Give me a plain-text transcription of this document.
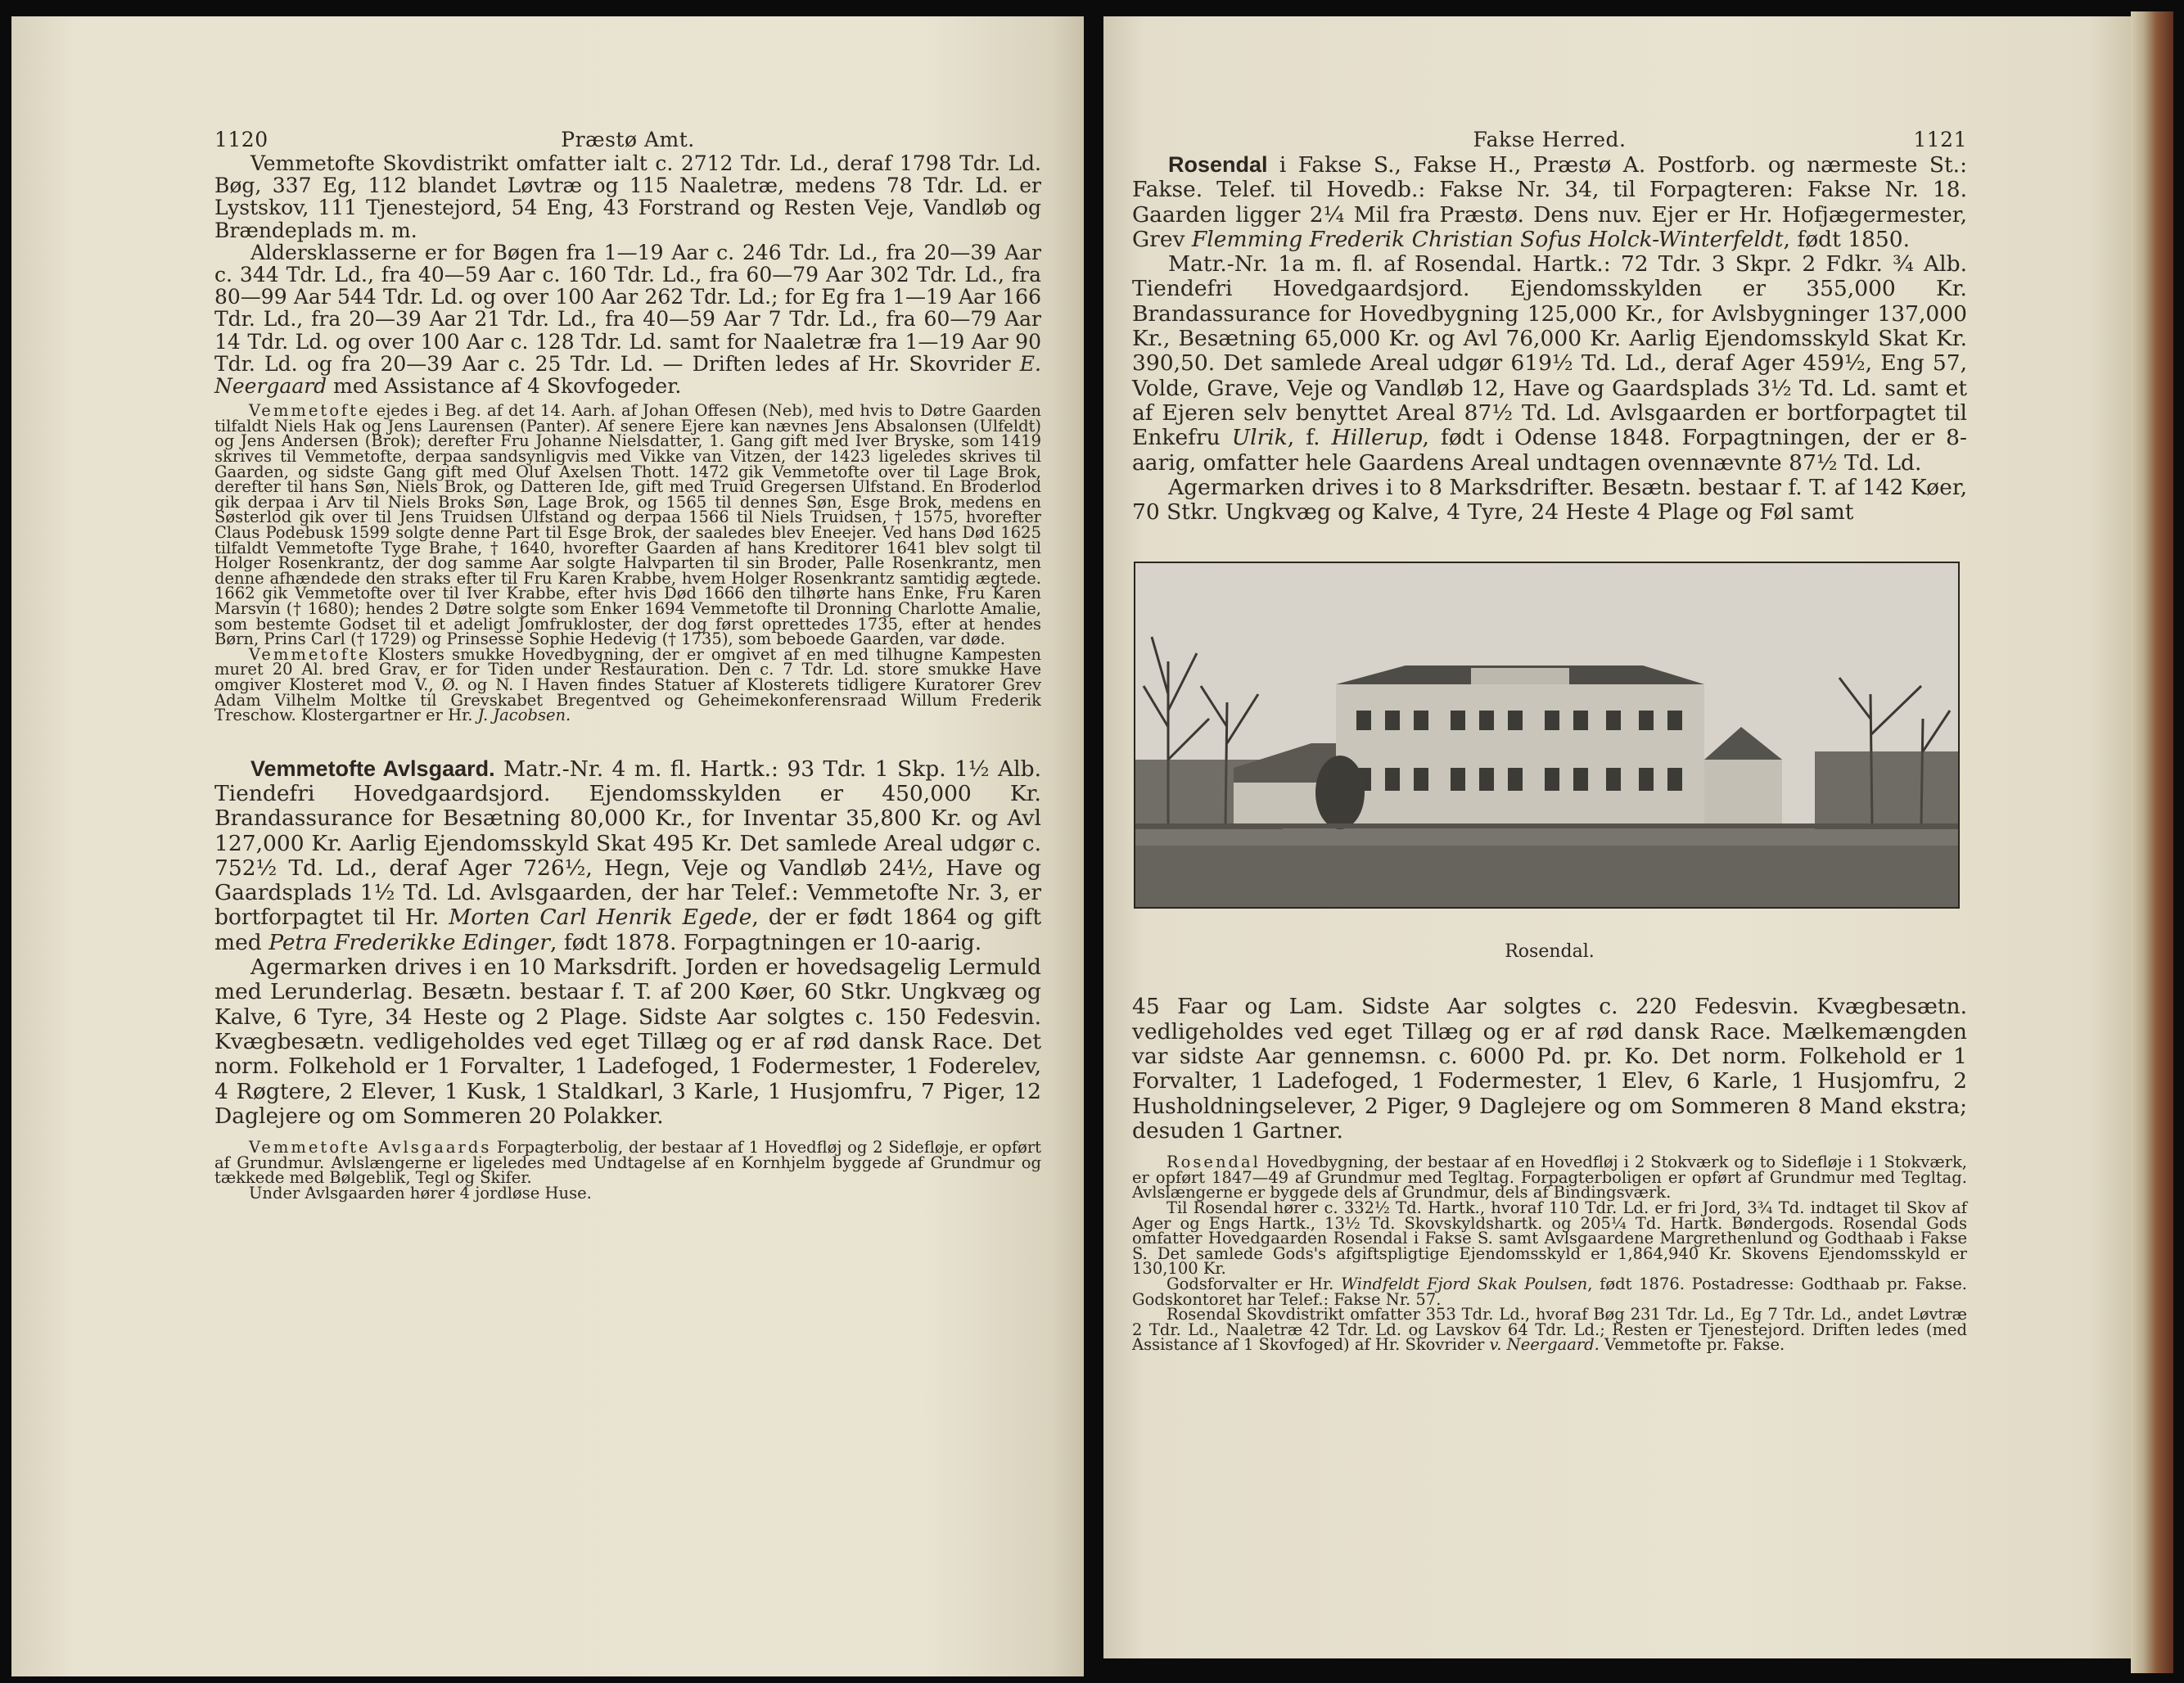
1120	Præstø Amt.

Vemmetofte Skovdistrikt omfatter ialt c. 2712 Tdr. Ld., deraf 1798 Tdr. Ld. Bøg, 337 Eg, 112 blandet Løvtræ og 115 Naaletræ, medens 78 Tdr. Ld. er Lystskov, 111 Tjenestejord, 54 Eng, 43 Forstrand og Resten Veje, Vandløb og Brændeplads m. m.

Aldersklasserne er for Bøgen fra 1—19 Aar c. 246 Tdr. Ld., fra 20—39 Aar c. 344 Tdr. Ld., fra 40—59 Aar c. 160 Tdr. Ld., fra 60—79 Aar 302 Tdr. Ld., fra 80—99 Aar 544 Tdr. Ld. og over 100 Aar 262 Tdr. Ld.; for Eg fra 1—19 Aar 166 Tdr. Ld., fra 20—39 Aar 21 Tdr. Ld., fra 40—59 Aar 7 Tdr. Ld., fra 60—79 Aar 14 Tdr. Ld. og over 100 Aar c. 128 Tdr. Ld. samt for Naaletræ fra 1—19 Aar 90 Tdr. Ld. og fra 20—39 Aar c. 25 Tdr. Ld. — Driften ledes af Hr. Skovrider E. Neergaard med Assistance af 4 Skovfogeder.

Vemmetofte ejedes i Beg. af det 14. Aarh. af Johan Offesen (Neb), med hvis to Døtre Gaarden tilfaldt Niels Hak og Jens Laurensen (Panter). Af senere Ejere kan nævnes Jens Absalonsen (Ulfeldt) og Jens Andersen (Brok); derefter Fru Johanne Nielsdatter, 1. Gang gift med Iver Bryske, som 1419 skrives til Vemmetofte, derpaa sandsynligvis med Vikke van Vitzen, der 1423 ligeledes skrives til Gaarden, og sidste Gang gift med Oluf Axelsen Thott. 1472 gik Vemmetofte over til Lage Brok, derefter til hans Søn, Niels Brok, og Datteren Ide, gift med Truid Gregersen Ulfstand. En Broderlod gik derpaa i Arv til Niels Broks Søn, Lage Brok, og 1565 til dennes Søn, Esge Brok, medens en Søsterlod gik over til Jens Truidsen Ulfstand og derpaa 1566 til Niels Truidsen, † 1575, hvorefter Claus Podebusk 1599 solgte denne Part til Esge Brok, der saaledes blev Eneejer. Ved hans Død 1625 tilfaldt Vemmetofte Tyge Brahe, † 1640, hvorefter Gaarden af hans Kreditorer 1641 blev solgt til Holger Rosenkrantz, der dog samme Aar solgte Halvparten til sin Broder, Palle Rosenkrantz, men denne afhændede den straks efter til Fru Karen Krabbe, hvem Holger Rosenkrantz samtidig ægtede. 1662 gik Vemmetofte over til Iver Krabbe, efter hvis Død 1666 den tilhørte hans Enke, Fru Karen Marsvin († 1680); hendes 2 Døtre solgte som Enker 1694 Vemmetofte til Dronning Charlotte Amalie, som bestemte Godset til et adeligt Jomfrukloster, der dog først oprettedes 1735, efter at hendes Børn, Prins Carl († 1729) og Prinsesse Sophie Hedevig († 1735), som beboede Gaarden, var døde.

Vemmetofte Klosters smukke Hovedbygning, der er omgivet af en med tilhugne Kampesten muret 20 Al. bred Grav, er for Tiden under Restauration. Den c. 7 Tdr. Ld. store smukke Have omgiver Klosteret mod V., Ø. og N. I Haven findes Statuer af Klosterets tidligere Kuratorer Grev Adam Vilhelm Moltke til Grevskabet Bregentved og Geheimekonferensraad Willum Frederik Treschow. Klostergartner er Hr. J. Jacobsen.

Vemmetofte Avlsgaard. Matr.-Nr. 4 m. fl. Hartk.: 93 Tdr. 1 Skp. 1½ Alb. Tiendefri Hovedgaardsjord. Ejendomsskylden er 450,000 Kr. Brandassurance for Besætning 80,000 Kr., for Inventar 35,800 Kr. og Avl 127,000 Kr. Aarlig Ejendomsskyld Skat 495 Kr. Det samlede Areal udgør c. 752½ Td. Ld., deraf Ager 726½, Hegn, Veje og Vandløb 24½, Have og Gaardsplads 1½ Td. Ld. Avlsgaarden, der har Telef.: Vemmetofte Nr. 3, er bortforpagtet til Hr. Morten Carl Henrik Egede, der er født 1864 og gift med Petra Frederikke Edinger, født 1878. Forpagtningen er 10-aarig.

Agermarken drives i en 10 Marksdrift. Jorden er hovedsagelig Lermuld med Lerunderlag. Besætn. bestaar f. T. af 200 Køer, 60 Stkr. Ungkvæg og Kalve, 6 Tyre, 34 Heste og 2 Plage. Sidste Aar solgtes c. 150 Fedesvin. Kvægbesætn. vedligeholdes ved eget Tillæg og er af rød dansk Race. Det norm. Folkehold er 1 Forvalter, 1 Ladefoged, 1 Fodermester, 1 Foderelev, 4 Røgtere, 2 Elever, 1 Kusk, 1 Staldkarl, 3 Karle, 1 Husjomfru, 7 Piger, 12 Daglejere og om Sommeren 20 Polakker.

Vemmetofte Avlsgaards Forpagterbolig, der bestaar af 1 Hovedfløj og 2 Sidefløje, er opført af Grundmur. Avlslængerne er ligeledes med Undtagelse af en Kornhjelm byggede af Grundmur og tækkede med Bølgeblik, Tegl og Skifer.

Under Avlsgaarden hører 4 jordløse Huse.

Fakse Herred.	1121

Rosendal i Fakse S., Fakse H., Præstø A. Postforb. og nærmeste St.: Fakse. Telef. til Hovedb.: Fakse Nr. 34, til Forpagteren: Fakse Nr. 18. Gaarden ligger 2¼ Mil fra Præstø. Dens nuv. Ejer er Hr. Hofjægermester, Grev Flemming Frederik Christian Sofus Holck-Winterfeldt, født 1850.

Matr.-Nr. 1a m. fl. af Rosendal. Hartk.: 72 Tdr. 3 Skpr. 2 Fdkr. ¾ Alb. Tiendefri Hovedgaardsjord. Ejendomsskylden er 355,000 Kr. Brandassurance for Hovedbygning 125,000 Kr., for Avlsbygninger 137,000 Kr., Besætning 65,000 Kr. og Avl 76,000 Kr. Aarlig Ejendomsskyld Skat Kr. 390,50. Det samlede Areal udgør 619½ Td. Ld., deraf Ager 459½, Eng 57, Volde, Grave, Veje og Vandløb 12, Have og Gaardsplads 3½ Td. Ld. samt et af Ejeren selv benyttet Areal 87½ Td. Ld. Avlsgaarden er bortforpagtet til Enkefru Ulrik, f. Hillerup, født i Odense 1848. Forpagtningen, der er 8-aarig, omfatter hele Gaardens Areal undtagen ovennævnte 87½ Td. Ld.

Agermarken drives i to 8 Marksdrifter. Besætn. bestaar f. T. af 142 Køer, 70 Stkr. Ungkvæg og Kalve, 4 Tyre, 24 Heste 4 Plage og Føl samt

Rosendal.

45 Faar og Lam. Sidste Aar solgtes c. 220 Fedesvin. Kvægbesætn. vedligeholdes ved eget Tillæg og er af rød dansk Race. Mælkemængden var sidste Aar gennemsn. c. 6000 Pd. pr. Ko. Det norm. Folkehold er 1 Forvalter, 1 Ladefoged, 1 Fodermester, 1 Elev, 6 Karle, 1 Husjomfru, 2 Husholdningselever, 2 Piger, 9 Daglejere og om Sommeren 8 Mand ekstra; desuden 1 Gartner.

Rosendal Hovedbygning, der bestaar af en Hovedfløj i 2 Stokværk og to Sidefløje i 1 Stokværk, er opført 1847—49 af Grundmur med Tegltag. Forpagterboligen er opført af Grundmur med Tegltag. Avlslængerne er byggede dels af Grundmur, dels af Bindingsværk.

Til Rosendal hører c. 332½ Td. Hartk., hvoraf 110 Tdr. Ld. er fri Jord, 3¾ Td. indtaget til Skov af Ager og Engs Hartk., 13½ Td. Skovskyldshartk. og 205¼ Td. Hartk. Bøndergods. Rosendal Gods omfatter Hovedgaarden Rosendal i Fakse S. samt Avlsgaardene Margrethenlund og Godthaab i Fakse S. Det samlede Gods's afgiftspligtige Ejendomsskyld er 1,864,940 Kr. Skovens Ejendomsskyld er 130,100 Kr.

Godsforvalter er Hr. Windfeldt Fjord Skak Poulsen, født 1876. Postadresse: Godthaab pr. Fakse. Godskontoret har Telef.: Fakse Nr. 57.

Rosendal Skovdistrikt omfatter 353 Tdr. Ld., hvoraf Bøg 231 Tdr. Ld., Eg 7 Tdr. Ld., andet Løvtræ 2 Tdr. Ld., Naaletræ 42 Tdr. Ld. og Lavskov 64 Tdr. Ld.; Resten er Tjenestejord. Driften ledes (med Assistance af 1 Skovfoged) af Hr. Skovrider v. Neergaard. Vemmetofte pr. Fakse.
